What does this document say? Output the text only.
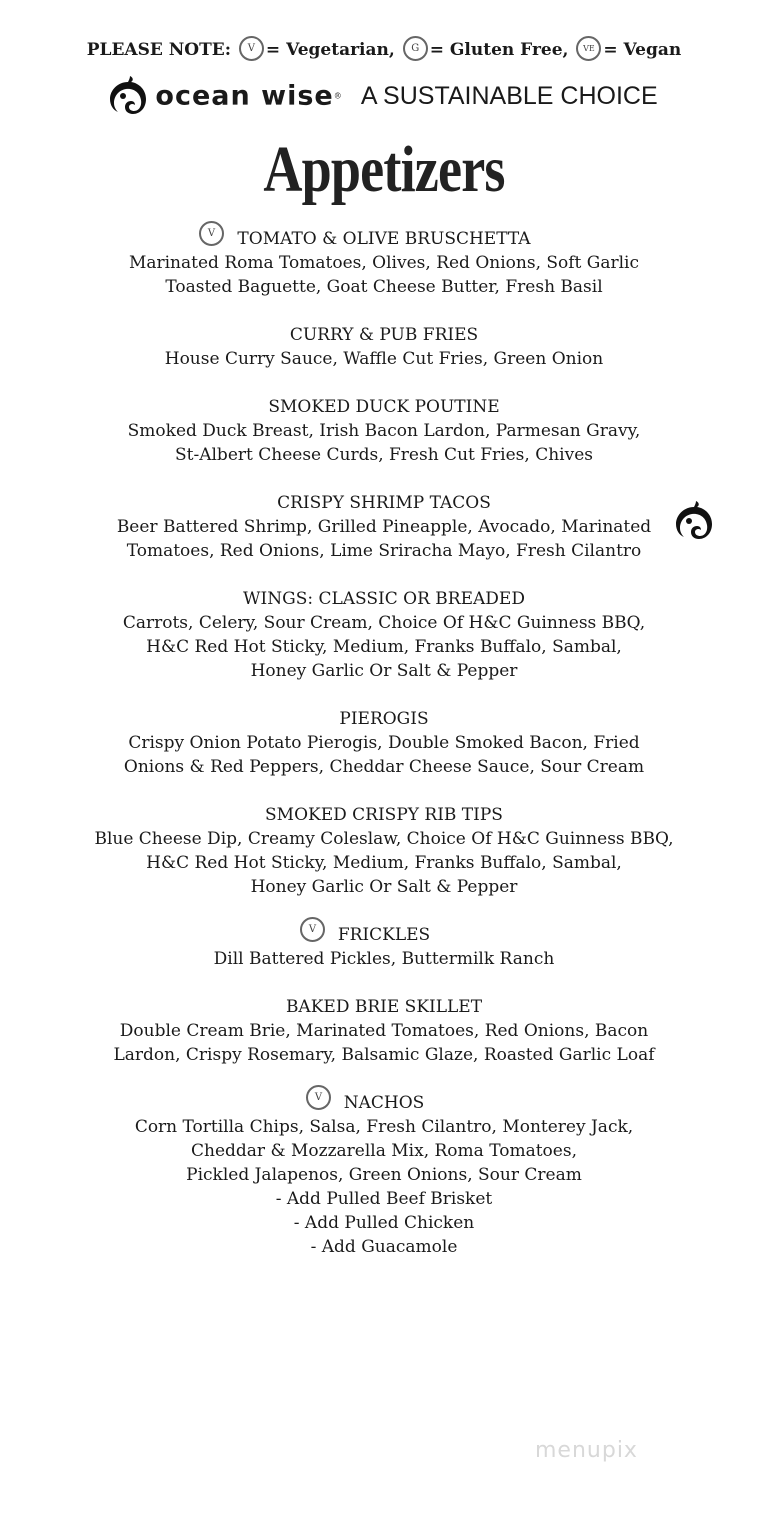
PLEASE NOTE: V = Vegetarian, G = Gluten Free, VE = Vegan
ocean wise® A SUSTAINABLE CHOICE
Appetizers
TOMATO & OLIVE BRUSCHETTA
V
Marinated Roma Tomatoes, Olives, Red Onions, Soft Garlic
Toasted Baguette, Goat Cheese Butter, Fresh Basil
CURRY & PUB FRIES
House Curry Sauce, Waffle Cut Fries, Green Onion
SMOKED DUCK POUTINE
Smoked Duck Breast, Irish Bacon Lardon, Parmesan Gravy,
St-Albert Cheese Curds, Fresh Cut Fries, Chives
CRISPY SHRIMP TACOS
Beer Battered Shrimp, Grilled Pineapple, Avocado, Marinated
Tomatoes, Red Onions, Lime Sriracha Mayo, Fresh Cilantro
WINGS: CLASSIC OR BREADED
Carrots, Celery, Sour Cream, Choice Of H&C Guinness BBQ,
H&C Red Hot Sticky, Medium, Franks Buffalo, Sambal,
Honey Garlic Or Salt & Pepper
PIEROGIS
Crispy Onion Potato Pierogis, Double Smoked Bacon, Fried
Onions & Red Peppers, Cheddar Cheese Sauce, Sour Cream
SMOKED CRISPY RIB TIPS
Blue Cheese Dip, Creamy Coleslaw, Choice Of H&C Guinness BBQ,
H&C Red Hot Sticky, Medium, Franks Buffalo, Sambal,
Honey Garlic Or Salt & Pepper
FRICKLES
V
Dill Battered Pickles, Buttermilk Ranch
BAKED BRIE SKILLET
Double Cream Brie, Marinated Tomatoes, Red Onions, Bacon
Lardon, Crispy Rosemary, Balsamic Glaze, Roasted Garlic Loaf
NACHOS
V
Corn Tortilla Chips, Salsa, Fresh Cilantro, Monterey Jack,
Cheddar & Mozzarella Mix, Roma Tomatoes,
Pickled Jalapenos, Green Onions, Sour Cream
- Add Pulled Beef Brisket
- Add Pulled Chicken
- Add Guacamole
menupix
